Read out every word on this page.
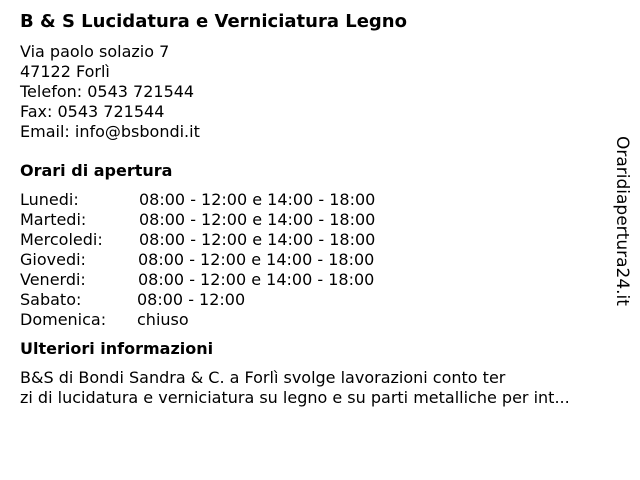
B & S Lucidatura e Verniciatura Legno
Via paolo solazio 7
47122 Forlì
Telefon: 0543 721544
Fax: 0543 721544
Email: info@bsbondi.it
Orari di apertura
Lunedi:	08:00 - 12:00 e 14:00 - 18:00
Martedi:	08:00 - 12:00 e 14:00 - 18:00
Mercoledi: 08:00 - 12:00 e 14:00 - 18:00
Giovedi:	08:00 - 12:00 e 14:00 - 18:00
Venerdi:	08:00 - 12:00 e 14:00 - 18:00
Sabato:	08:00 - 12:00
Domenica: chiuso
Ulteriori informazioni
B&S di Bondi Sandra & C. a Forlì svolge lavorazioni conto ter
zi di lucidatura e verniciatura su legno e su parti metalliche per int...
Oraridiapertura24.it
